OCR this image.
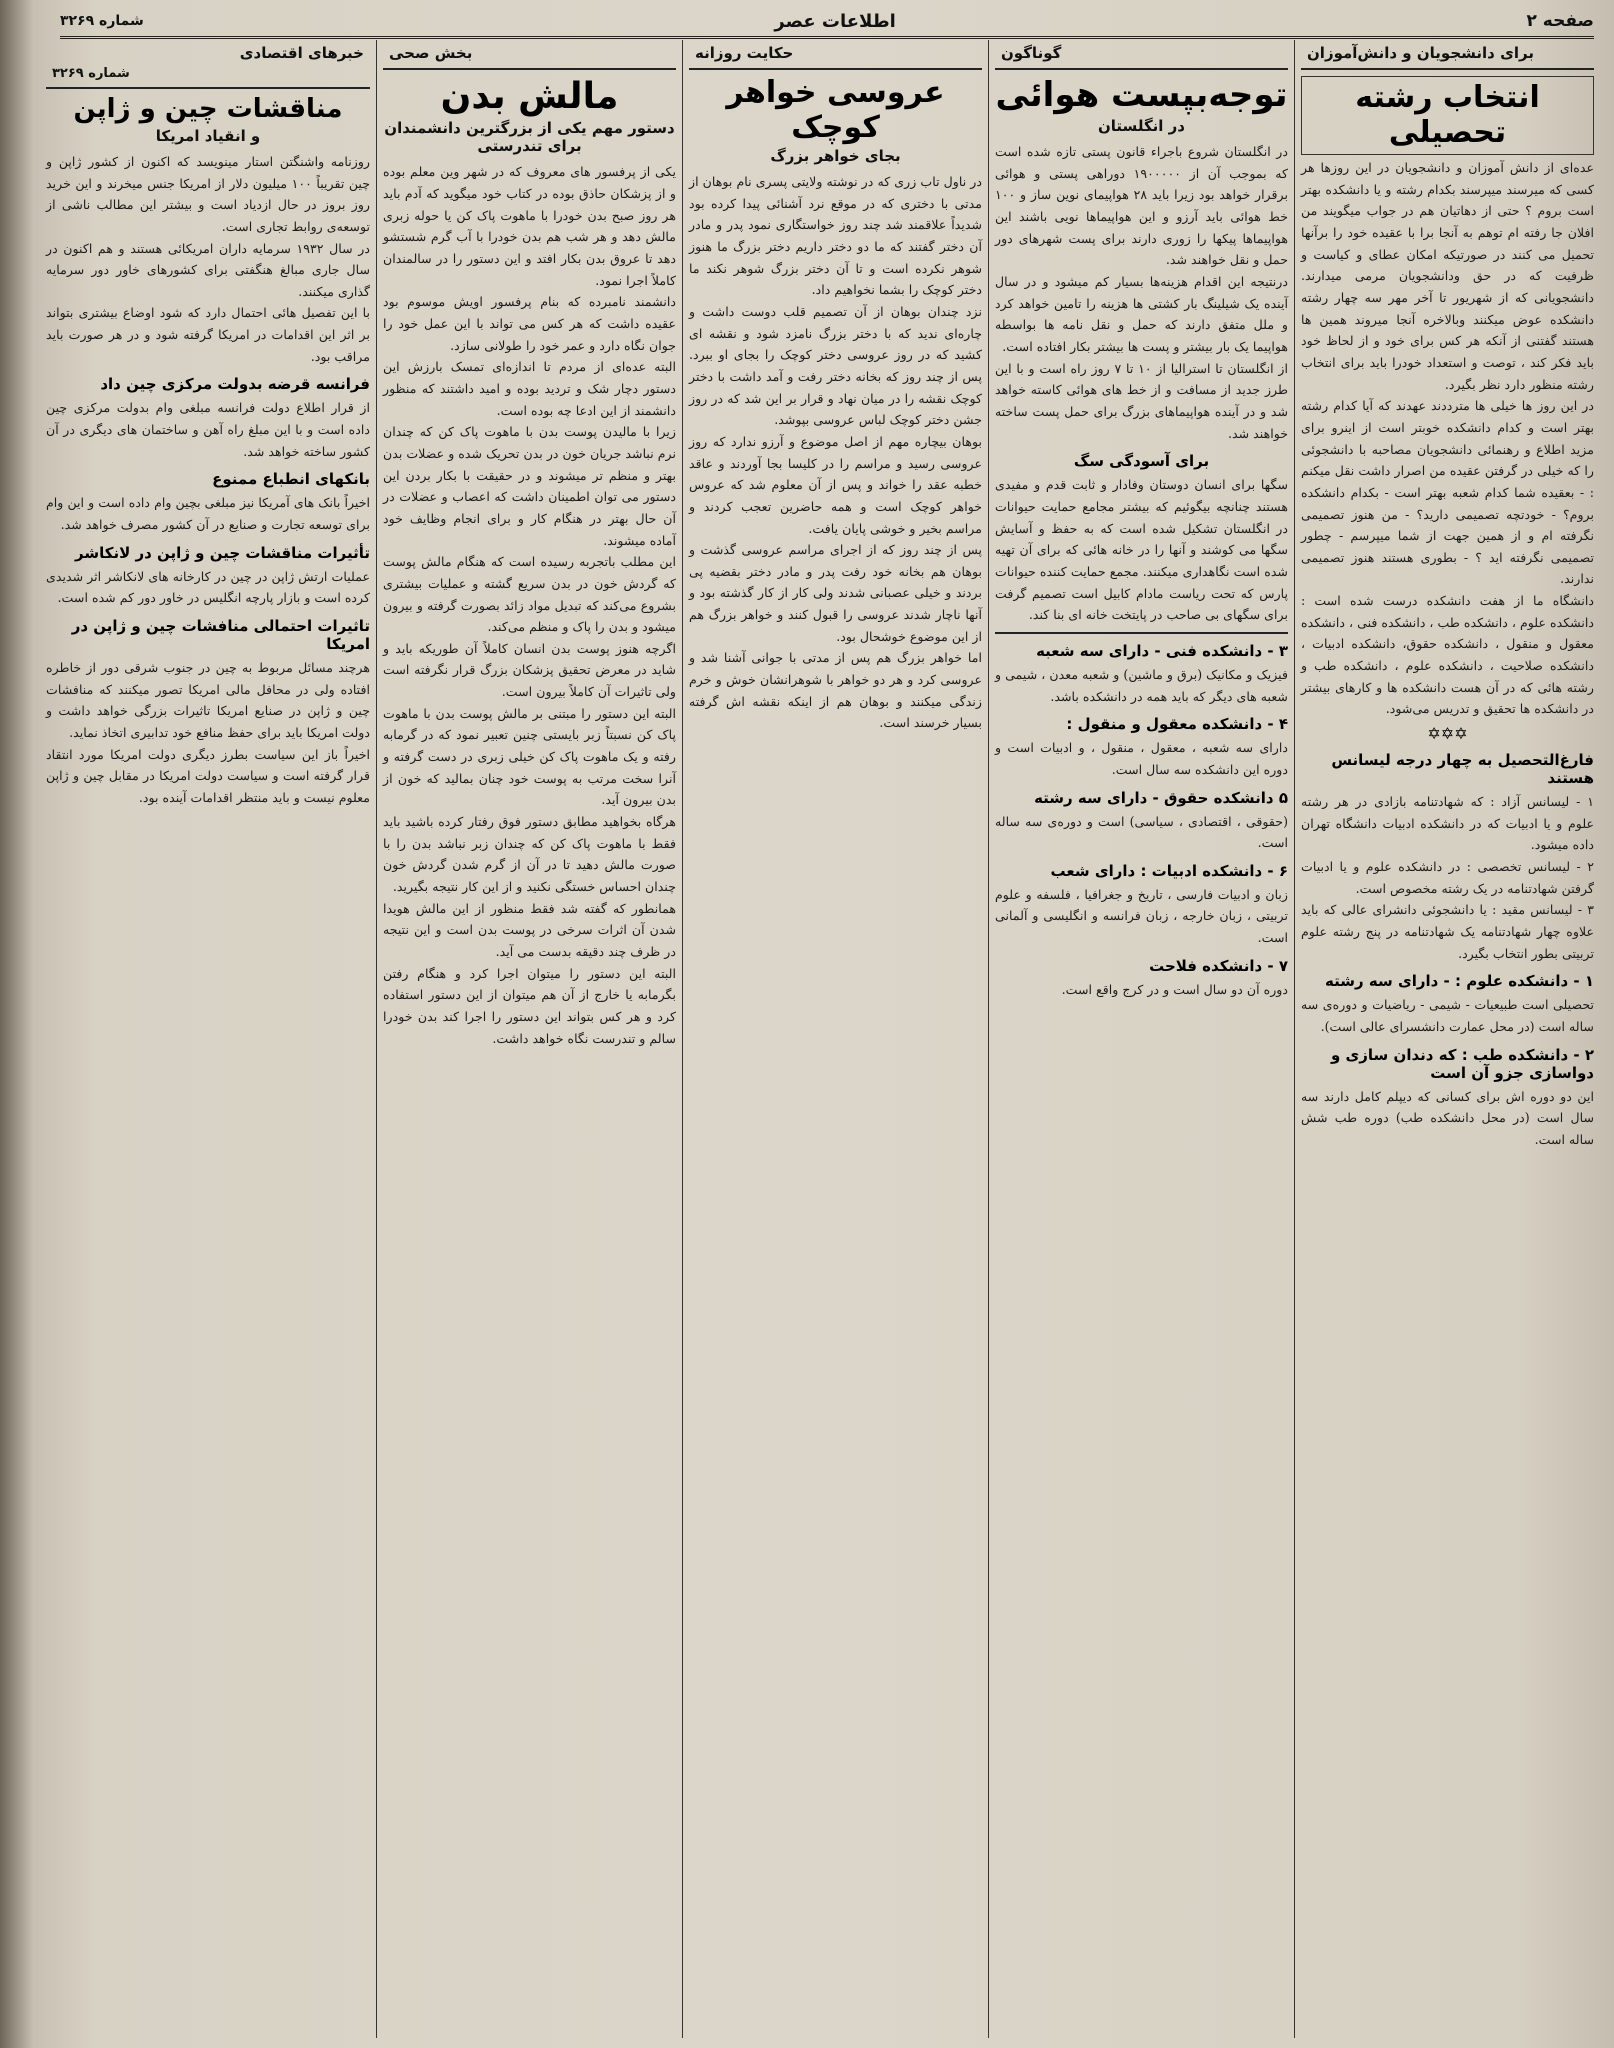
صفحه ۲
اطلاعات عصر
شماره ۳۲۶۹
برای دانشجویان و دانش‌آموزان
انتخاب رشته تحصیلی

عده‌ای از دانش آموزان و دانشجویان در این روزها هر کسی که میرسند میپرسند بکدام رشته و یا دانشکده بهتر است بروم ؟ حتی از دهاتیان هم در جواب میگویند من افلان جا رفته ام توهم به آنجا برا با عقیده خود را برآنها تحمیل می کنند در صورتیکه امکان عطای و کیاست و ظرفیت که در حق ودانشجویان مرمی میدارند. دانشجویانی که از شهریور تا آخر مهر سه چهار رشته دانشکده عوض میکنند وبالاخره آنجا میروند همین ها هستند گفتنی از آنکه هر کس برای خود و از لحاظ خود باید فکر کند ، توصت و استعداد خودرا باید برای انتخاب رشته منظور دارد نظر بگیرد.

در این روز ها خیلی ها مترددند عهدند که آیا کدام رشته بهتر است و کدام دانشکده خوبتر است از اینرو برای مزید اطلاع و رهنمائی دانشجویان مصاحبه با دانشجوئی را که خیلی در گرفتن عقیده من اصرار داشت نقل میکنم : - بعقیده شما کدام شعبه بهتر است - بکدام دانشکده بروم؟ - خودتچه تصمیمی دارید؟ - من هنوز تصمیمی نگرفته ام و از همین جهت از شما میپرسم - چطور تصمیمی نگرفته اید ؟ - بطوری هستند هنوز تصمیمی ندارند.

دانشگاه ما از هفت دانشکده درست شده است : دانشکده علوم ، دانشکده طب ، دانشکده فنی ، دانشکده معقول و منقول ، دانشکده حقوق، دانشکده ادبیات ، دانشکده صلاحیت ، دانشکده علوم ، دانشکده طب و رشته هائی که در آن هست دانشکده ها و کارهای بیشتر در دانشکده ها تحقیق و تدریس می‌شود.

✡✡✡
فارغ‌التحصیل به چهار درجه لیسانس هستند

۱ - لیسانس آزاد : که شهادتنامه بازادی در هر رشته علوم و یا ادبیات که در دانشکده ادبیات دانشگاه تهران داده میشود.

۲ - لیسانس تخصصی : در دانشکده علوم و یا ادبیات گرفتن شهادتنامه در یک رشته مخصوص است.

۳ - لیسانس مقید : یا دانشجوئی دانشرای عالی که باید علاوه چهار شهادتنامه یک شهادتنامه در پنج رشته علوم تربیتی بطور انتخاب بگیرد.

۱ - دانشکده علوم : - دارای سه رشته

تحصیلی است طبیعیات - شیمی - ریاضیات و دوره‌ی سه ساله است (در محل عمارت دانشسرای عالی است).

۲ - دانشکده طب : که دندان سازی و دواسازی جزو آن است

این دو دوره اش برای کسانی که دیپلم کامل دارند سه سال است (در محل دانشکده طب) دوره طب شش ساله است.

گوناگون
توجه‌بپست هوائی
در انگلستان

در انگلستان شروع باجراء قانون پستی تازه شده است که بموجب آن از ۱۹۰۰۰۰۰ دوراهی پستی و هوائی برقرار خواهد بود زیرا باید ۲۸ هواپیمای نوین ساز و ۱۰۰ خط هوائی باید آرزو و این هواپیماها نویی باشند این هواپیماها پیکها را زوری دارند برای پست شهرهای دور حمل و نقل خواهند شد.

درنتیجه این اقدام هزینه‌ها بسیار کم میشود و در سال آینده یک شیلینگ بار کشتی ها هزینه را تامین خواهد کرد و ملل متفق دارند که حمل و نقل نامه ها بواسطه هواپیما یک بار بیشتر و پست ها بیشتر بکار افتاده است.

از انگلستان تا استرالیا از ۱۰ تا ۷ روز راه است و با این طرز جدید از مسافت و از خط های هوائی کاسته خواهد شد و در آینده هواپیماهای بزرگ برای حمل پست ساخته خواهند شد.

برای آسودگی سگ

سگها برای انسان دوستان وفادار و ثابت قدم و مفیدی هستند چنانچه بیگوئیم که بیشتر مجامع حمایت حیوانات در انگلستان تشکیل شده است که به حفظ و آسایش سگها می کوشند و آنها را در خانه هائی که برای آن تهیه شده است نگاهداری میکنند. مجمع حمایت کننده حیوانات پارس که تحت ریاست مادام کابیل است تصمیم گرفت برای سگهای بی صاحب در پایتخت خانه ای بنا کند.

۳ - دانشکده فنی - دارای سه شعبه

فیزیک و مکانیک (برق و ماشین) و شعبه معدن ، شیمی و شعبه های دیگر که باید همه در دانشکده باشد.

۴ - دانشکده معقول و منقول :

دارای سه شعبه ، معقول ، منقول ، و ادبیات است و دوره این دانشکده سه سال است.

۵ دانشکده حقوق - دارای سه رشته

(حقوقی ، اقتصادی ، سیاسی) است و دوره‌ی سه ساله است.

۶ - دانشکده ادبیات : دارای شعب

زبان و ادبیات فارسی ، تاریخ و جغرافیا ، فلسفه و علوم تربیتی ، زبان خارجه ، زبان فرانسه و انگلیسی و آلمانی است.

۷ - دانشکده فلاحت

دوره آن دو سال است و در کرج واقع است.

حکایت روزانه
عروسی خواهر کوچک
بجای خواهر بزرگ

در ناول تاب زری که در نوشته ولایتی پسری نام بوهان از مدتی با دختری که در موقع نرد آشنائی پیدا کرده بود شدیداً علاقمند شد چند روز خواستگاری نمود پدر و مادر آن دختر گفتند که ما دو دختر داریم دختر بزرگ ما هنوز شوهر نکرده است و تا آن دختر بزرگ شوهر نکند ما دختر کوچک را بشما نخواهیم داد.

نزد چندان بوهان از آن تصمیم قلب دوست داشت و چاره‌ای ندید که با دختر بزرگ نامزد شود و نقشه ای کشید که در روز عروسی دختر کوچک را بجای او ببرد. پس از چند روز که بخانه دختر رفت و آمد داشت با دختر کوچک نقشه را در میان نهاد و قرار بر این شد که در روز جشن دختر کوچک لباس عروسی بپوشد.

بوهان بیچاره مهم از اصل موضوع و آرزو ندارد که روز عروسی رسید و مراسم را در کلیسا بجا آوردند و عاقد خطبه عقد را خواند و پس از آن معلوم شد که عروس خواهر کوچک است و همه حاضرین تعجب کردند و مراسم بخیر و خوشی پایان یافت.

پس از چند روز که از اجرای مراسم عروسی گذشت و بوهان هم بخانه خود رفت پدر و مادر دختر بقضیه پی بردند و خیلی عصبانی شدند ولی کار از کار گذشته بود و آنها ناچار شدند عروسی را قبول کنند و خواهر بزرگ هم از این موضوع خوشحال بود.

اما خواهر بزرگ هم پس از مدتی با جوانی آشنا شد و عروسی کرد و هر دو خواهر با شوهرانشان خوش و خرم زندگی میکنند و بوهان هم از اینکه نقشه اش گرفته بسیار خرسند است.

بخش صحی
مالش بدن
دستور مهم یکی از بزرگترین دانشمندان برای تندرستی

یکی از پرفسور های معروف که در شهر وین معلم بوده و از پزشکان حاذق بوده در کتاب خود میگوید که آدم باید هر روز صبح بدن خودرا با ماهوت پاک کن یا حوله زبری مالش دهد و هر شب هم بدن خودرا با آب گرم شستشو دهد تا عروق بدن بکار افتد و این دستور را در سالمندان کاملاً اجرا نمود.

دانشمند نامبرده که بنام پرفسور اویش موسوم بود عقیده داشت که هر کس می تواند با این عمل خود را جوان نگاه دارد و عمر خود را طولانی سازد.

البته عده‌ای از مردم تا اندازه‌ای تمسک بارزش این دستور دچار شک و تردید بوده و امید داشتند که منظور دانشمند از این ادعا چه بوده است.

زیرا با مالیدن پوست بدن با ماهوت پاک کن که چندان نرم نباشد جریان خون در بدن تحریک شده و عضلات بدن بهتر و منظم تر میشوند و در حقیقت با بکار بردن این دستور می توان اطمینان داشت که اعصاب و عضلات در آن حال بهتر در هنگام کار و برای انجام وظایف خود آماده میشوند.

این مطلب باتجربه رسیده است که هنگام مالش پوست که گردش خون در بدن سریع گشته و عملیات بیشتری بشروع می‌کند که تبدیل مواد زائد بصورت گرفته و بیرون میشود و بدن را پاک و منظم می‌کند.

اگرچه هنوز پوست بدن انسان کاملاً آن طوریکه باید و شاید در معرض تحقیق پزشکان بزرگ قرار نگرفته است ولی تاثیرات آن کاملاً بیرون است.

البته این دستور را مبتنی بر مالش پوست بدن با ماهوت پاک کن نسبتاً زبر بایستی چنین تعبیر نمود که در گرمابه رفته و یک ماهوت پاک کن خیلی زبری در دست گرفته و آنرا سخت مرتب به پوست خود چنان بمالید که خون از بدن بیرون آید.

هرگاه بخواهید مطابق دستور فوق رفتار کرده باشید باید فقط با ماهوت پاک کن که چندان زبر نباشد بدن را با صورت مالش دهید تا در آن از گرم شدن گردش خون چندان احساس خستگی نکنید و از این کار نتیجه بگیرید.

همانطور که گفته شد فقط منظور از این مالش هویدا شدن آن اثرات سرخی در پوست بدن است و این نتیجه در ظرف چند دقیقه بدست می آید.

البته این دستور را میتوان اجرا کرد و هنگام رفتن بگرمابه یا خارج از آن هم میتوان از این دستور استفاده کرد و هر کس بتواند این دستور را اجرا کند بدن خودرا سالم و تندرست نگاه خواهد داشت.

خبرهای اقتصادی
شماره ۳۲۶۹
مناقشات چین و ژاپن
و انقیاد امریکا

روزنامه واشنگتن استار مینویسد که اکنون از کشور ژاپن و چین تقریباً ۱۰۰ میلیون دلار از امریکا جنس میخرند و این خرید روز بروز در حال ازدیاد است و بیشتر این مطالب ناشی از توسعه‌ی روابط تجاری است.

در سال ۱۹۳۲ سرمایه داران امریکائی هستند و هم اکنون در سال جاری مبالغ هنگفتی برای کشورهای خاور دور سرمایه گذاری میکنند.

با این تفصیل هائی احتمال دارد که شود اوضاع بیشتری بتواند بر اثر این اقدامات در امریکا گرفته شود و در هر صورت باید مراقب بود.

فرانسه قرضه بدولت مرکزی چین داد

از قرار اطلاع دولت فرانسه مبلغی وام بدولت مرکزی چین داده است و با این مبلغ راه آهن و ساختمان های دیگری در آن کشور ساخته خواهد شد.

بانکهای انطباع ممنوع

اخیراً بانک های آمریکا نیز مبلغی بچین وام داده است و این وام برای توسعه تجارت و صنایع در آن کشور مصرف خواهد شد.

تأثیرات مناقشات چین و ژاپن در لانکاشر

عملیات ارتش ژاپن در چین در کارخانه های لانکاشر اثر شدیدی کرده است و بازار پارچه انگلیس در خاور دور کم شده است.

تاثیرات احتمالی منافشات چین و ژاپن در امریکا

هرچند مسائل مربوط به چین در جنوب شرقی دور از خاطره افتاده ولی در محافل مالی امریکا تصور میکنند که منافشات چین و ژاپن در صنایع امریکا تاثیرات بزرگی خواهد داشت و دولت امریکا باید برای حفظ منافع خود تدابیری اتخاذ نماید.

اخیراً باز این سیاست بطرز دیگری دولت امریکا مورد انتقاد قرار گرفته است و سیاست دولت امریکا در مقابل چین و ژاپن معلوم نیست و باید منتظر اقدامات آینده بود.
